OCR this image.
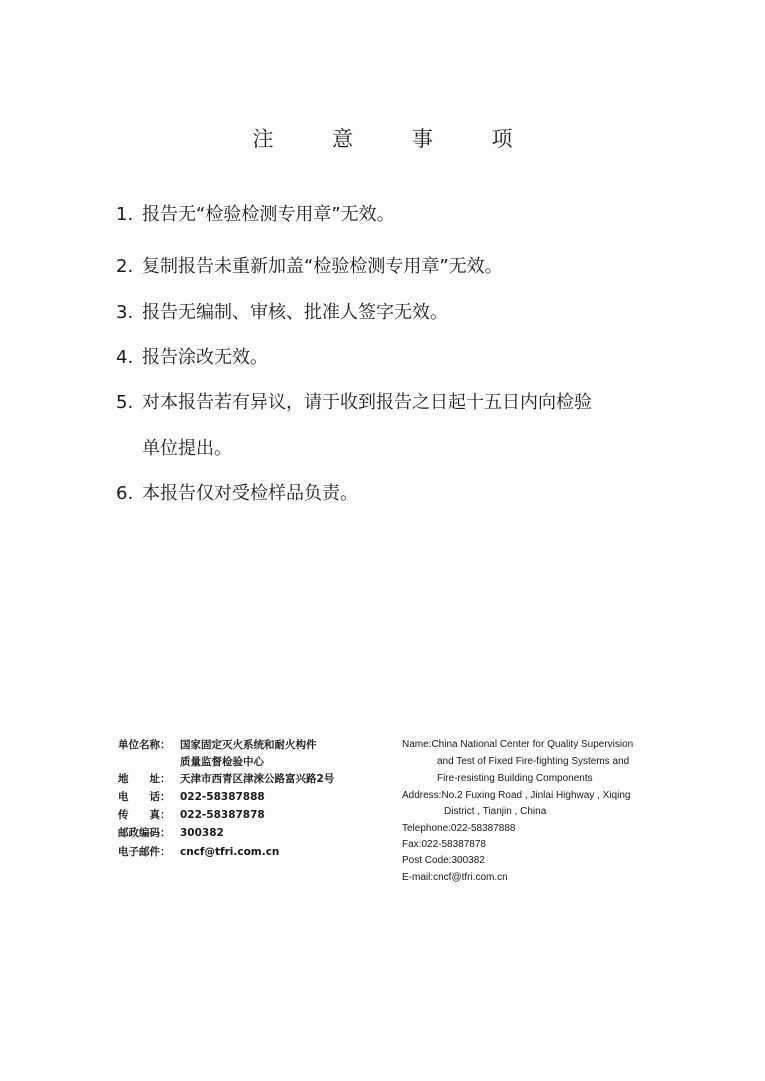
注 意 事 项
1. 报告无“检验检测专用章”无效。
2. 复制报告未重新加盖“检验检测专用章”无效。
3. 报告无编制、审核、批准人签字无效。
4. 报告涂改无效。
5. 对本报告若有异议，请于收到报告之日起十五日内向检验
单位提出。
6. 本报告仅对受检样品负责。
单位名称： 国家固定灭火系统和耐火构件
质量监督检验中心
地　　址： 天津市西青区津淶公路富兴路2号
电　　话： 022-58387888
传　　真： 022-58387878
邮政编码： 300382
电子邮件： cncf@tfri.com.cn
Name:China National Center for Quality Supervision
and Test of Fixed Fire-fighting Systems and
Fire-resisting Building Components
Address:No.2 Fuxing Road , Jinlai Highway , Xiqing
District , Tianjin , China
Telephone:022-58387888
Fax:022-58387878
Post Code:300382
E-mail:cncf@tfri.com.cn
